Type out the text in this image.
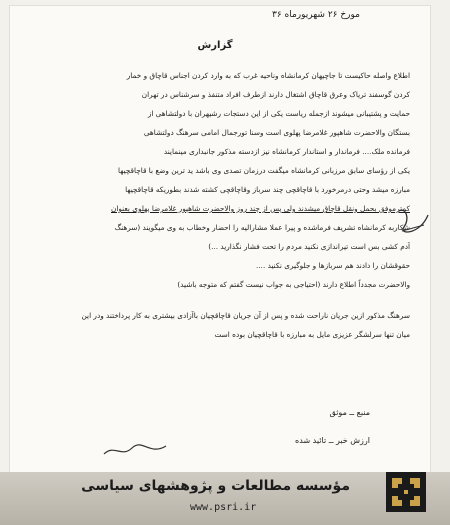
مورخ ۲۶ شهریورماه ۳۶
گزارش
اطلاع واصله حاکیست تا جاچیهان کرمانشاه وناحیه غرب که به وارد کردن اجناس قاچاق و خمار
کردن گوسفند ترياک وعرق قاچاق اشتغال دارند ازطرف افراد متنفذ و سرشناس در تهران
حمایت و پشتیبانی میشوند ازجمله ریاست یکی از این دستجات رشیهران با دولتشاهی از
بستگان والاحضرت شاهپور غلامرضا پهلوی است وسنا تورجمال امامی سرهنگ دولتشاهی
فرمانده ملک.... فرماندار و استاندار کرمانشاه نیز ازدسته مذکور جانبداری مینمایند
یکی از رؤسای سابق مرزبانی کرمانشاه میگفت درزمان تصدی وی باشد ید ترین وضع با قاچاقچیها
مبارزه میشد وحتی درمرخورد با قاچاقچی چند سرباز وقاچاقچی کشته شدند بطوریکه قاچاقچیها
کمترموفق بحمل ونقل قاچاق میشدند ولی پس از چند روز والاحضرت شاهپور غلامرضا پهلوی بعنوان
شکاربه کرمانشاه تشریف فرماشده و پیرا عملا مشارالیه را احضار وخطاب به وی میگویند (سرهنگ
آدم کشی بس است تیراندازی نکنید مردم را تحت فشار نگذارید ...)
حقوقشان را دادند هم سربازها و جلوگیری نکنید ....
والاحضرت مجدداً اطلاع دارند (احتیاجی به جواب نیست گفتم که متوجه باشید)
سرهنگ مذکور ازین جریان ناراحت شده و پس از آن جریان قاچاقچیان باآزادی بیشتری به کار پرداختند ودر این
میان تنها سرلشگر عزیزی مایل به مبارزه با قاچاقچیان بوده است
منبع ــ موثق
ارزش خبر ــ تائید شده
مؤسسه مطالعات و پژوهشهای سیاسی
www.psri.ir
